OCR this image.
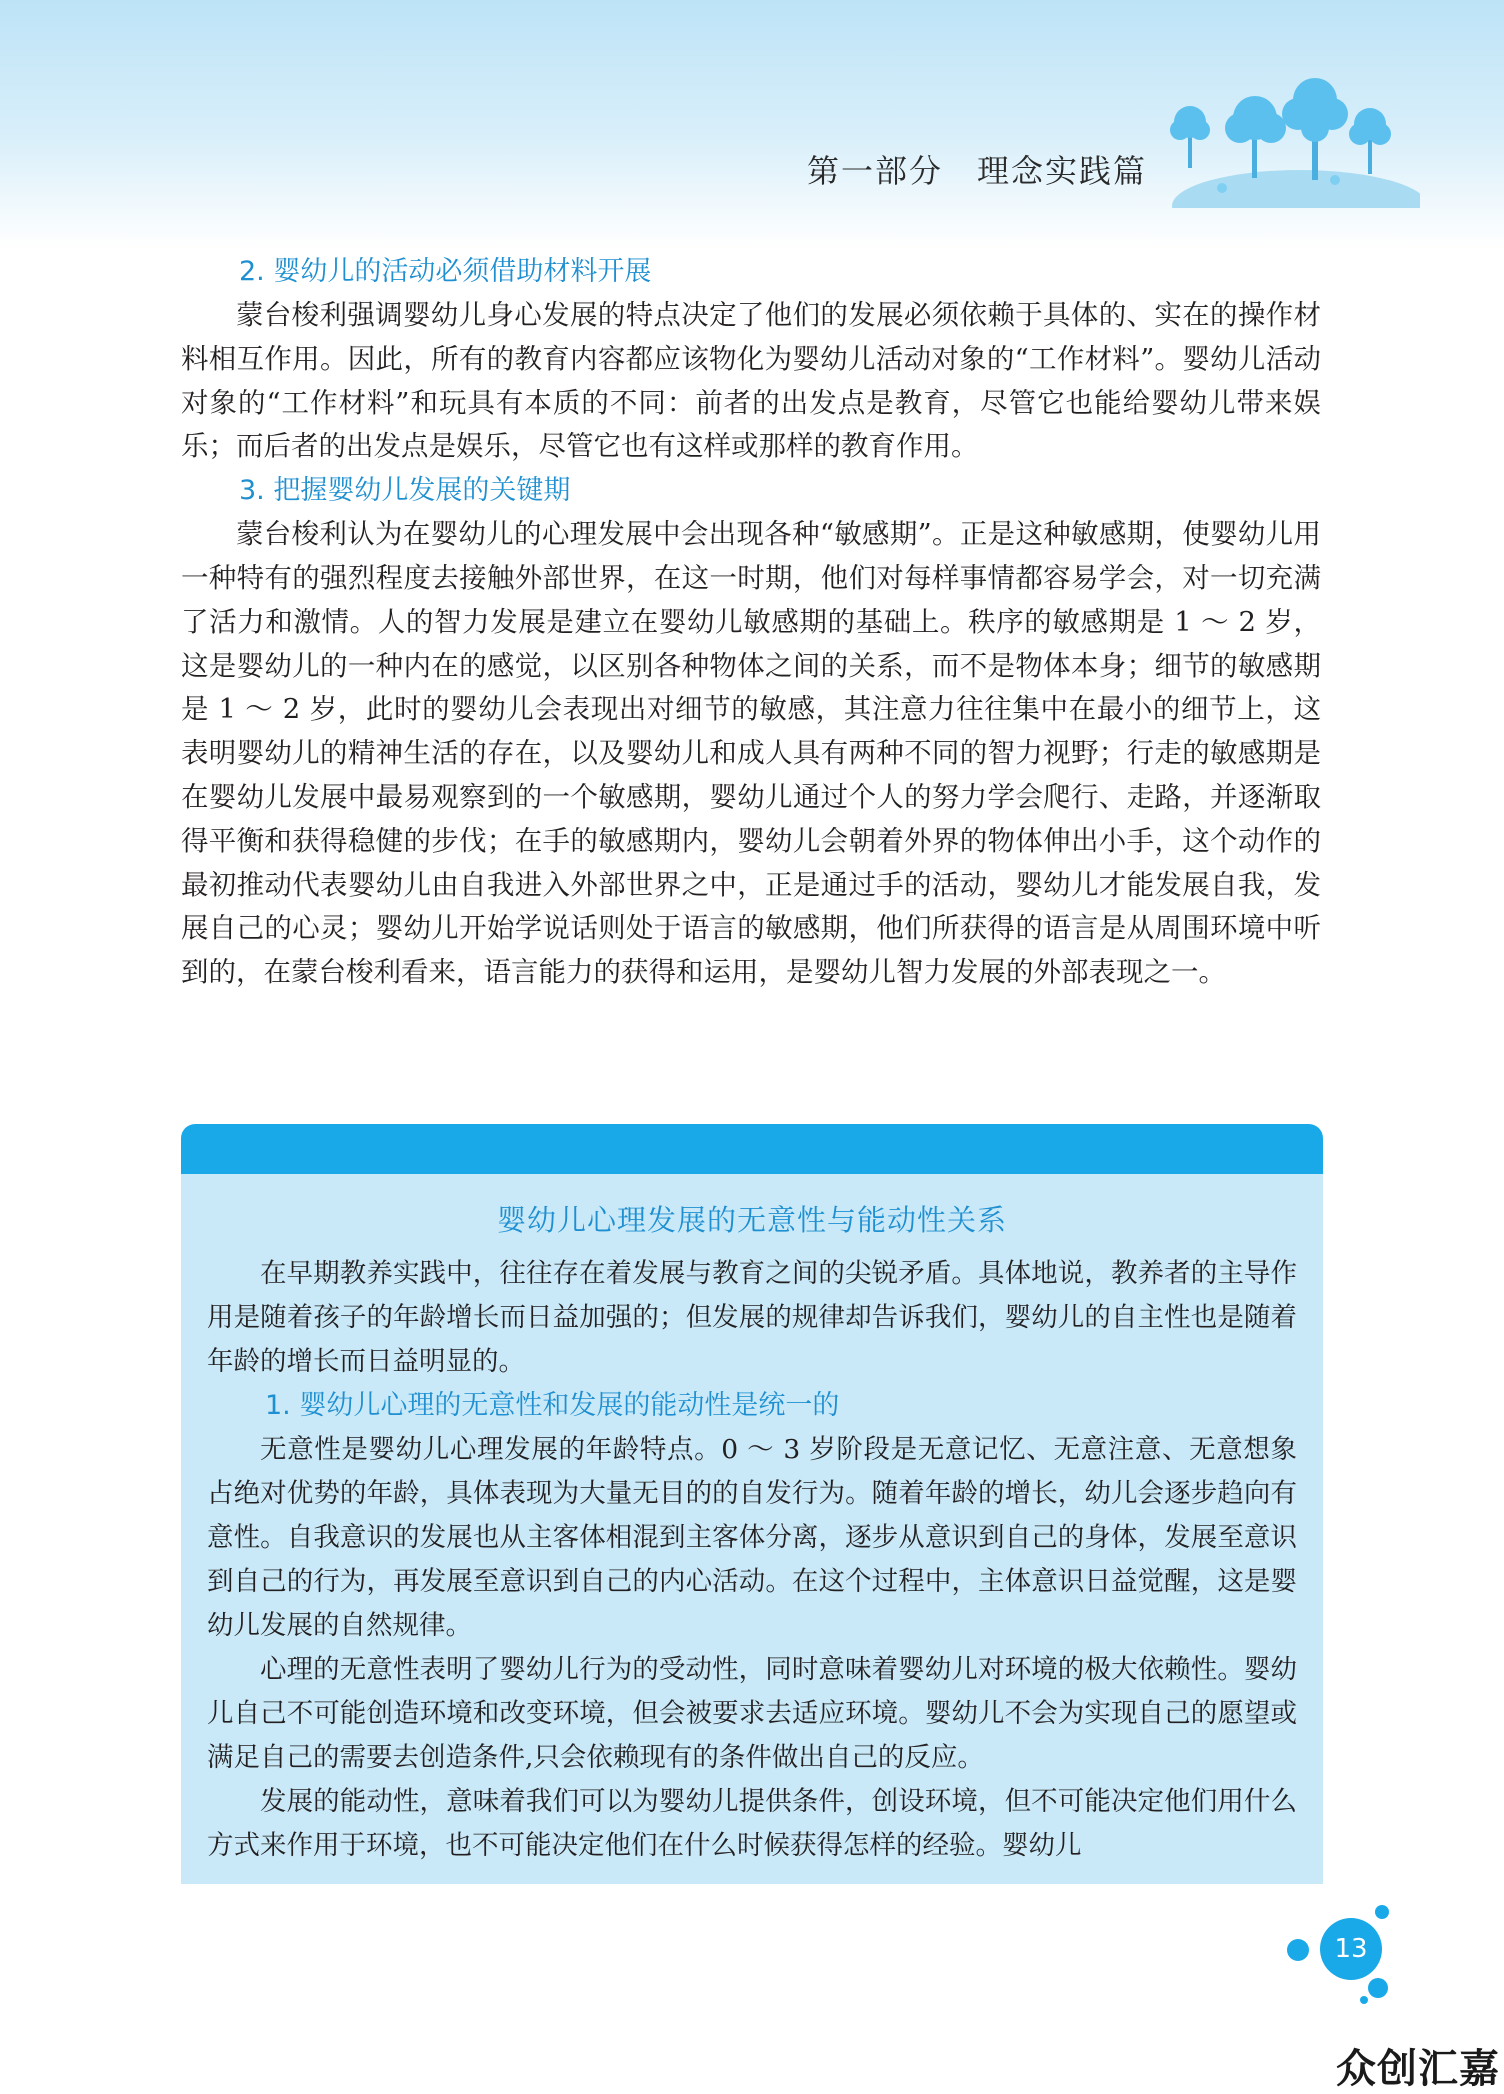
第一部分 理念实践篇
2. 婴幼儿的活动必须借助材料开展

蒙台梭利强调婴幼儿身心发展的特点决定了他们的发展必须依赖于具体的、实在的操作材料相互作用。因此，所有的教育内容都应该物化为婴幼儿活动对象的“工作材料”。婴幼儿活动对象的“工作材料”和玩具有本质的不同：前者的出发点是教育，尽管它也能给婴幼儿带来娱乐；而后者的出发点是娱乐，尽管它也有这样或那样的教育作用。

3. 把握婴幼儿发展的关键期

蒙台梭利认为在婴幼儿的心理发展中会出现各种“敏感期”。正是这种敏感期，使婴幼儿用一种特有的强烈程度去接触外部世界，在这一时期，他们对每样事情都容易学会，对一切充满了活力和激情。人的智力发展是建立在婴幼儿敏感期的基础上。秩序的敏感期是 1 ～ 2 岁，这是婴幼儿的一种内在的感觉，以区别各种物体之间的关系，而不是物体本身；细节的敏感期是 1 ～ 2 岁，此时的婴幼儿会表现出对细节的敏感，其注意力往往集中在最小的细节上，这表明婴幼儿的精神生活的存在，以及婴幼儿和成人具有两种不同的智力视野；行走的敏感期是在婴幼儿发展中最易观察到的一个敏感期，婴幼儿通过个人的努力学会爬行、走路，并逐渐取得平衡和获得稳健的步伐；在手的敏感期内，婴幼儿会朝着外界的物体伸出小手，这个动作的最初推动代表婴幼儿由自我进入外部世界之中，正是通过手的活动，婴幼儿才能发展自我，发展自己的心灵；婴幼儿开始学说话则处于语言的敏感期，他们所获得的语言是从周围环境中听到的，在蒙台梭利看来，语言能力的获得和运用，是婴幼儿智力发展的外部表现之一。

婴幼儿心理发展的无意性与能动性关系

在早期教养实践中，往往存在着发展与教育之间的尖锐矛盾。具体地说，教养者的主导作用是随着孩子的年龄增长而日益加强的；但发展的规律却告诉我们，婴幼儿的自主性也是随着年龄的增长而日益明显的。

1. 婴幼儿心理的无意性和发展的能动性是统一的

无意性是婴幼儿心理发展的年龄特点。0 ～ 3 岁阶段是无意记忆、无意注意、无意想象占绝对优势的年龄，具体表现为大量无目的的自发行为。随着年龄的增长，幼儿会逐步趋向有意性。自我意识的发展也从主客体相混到主客体分离，逐步从意识到自己的身体，发展至意识到自己的行为，再发展至意识到自己的内心活动。在这个过程中，主体意识日益觉醒，这是婴幼儿发展的自然规律。

心理的无意性表明了婴幼儿行为的受动性，同时意味着婴幼儿对环境的极大依赖性。婴幼儿自己不可能创造环境和改变环境，但会被要求去适应环境。婴幼儿不会为实现自己的愿望或满足自己的需要去创造条件,只会依赖现有的条件做出自己的反应。

发展的能动性，意味着我们可以为婴幼儿提供条件，创设环境，但不可能决定他们用什么方式来作用于环境，也不可能决定他们在什么时候获得怎样的经验。婴幼儿

13
众创汇嘉
